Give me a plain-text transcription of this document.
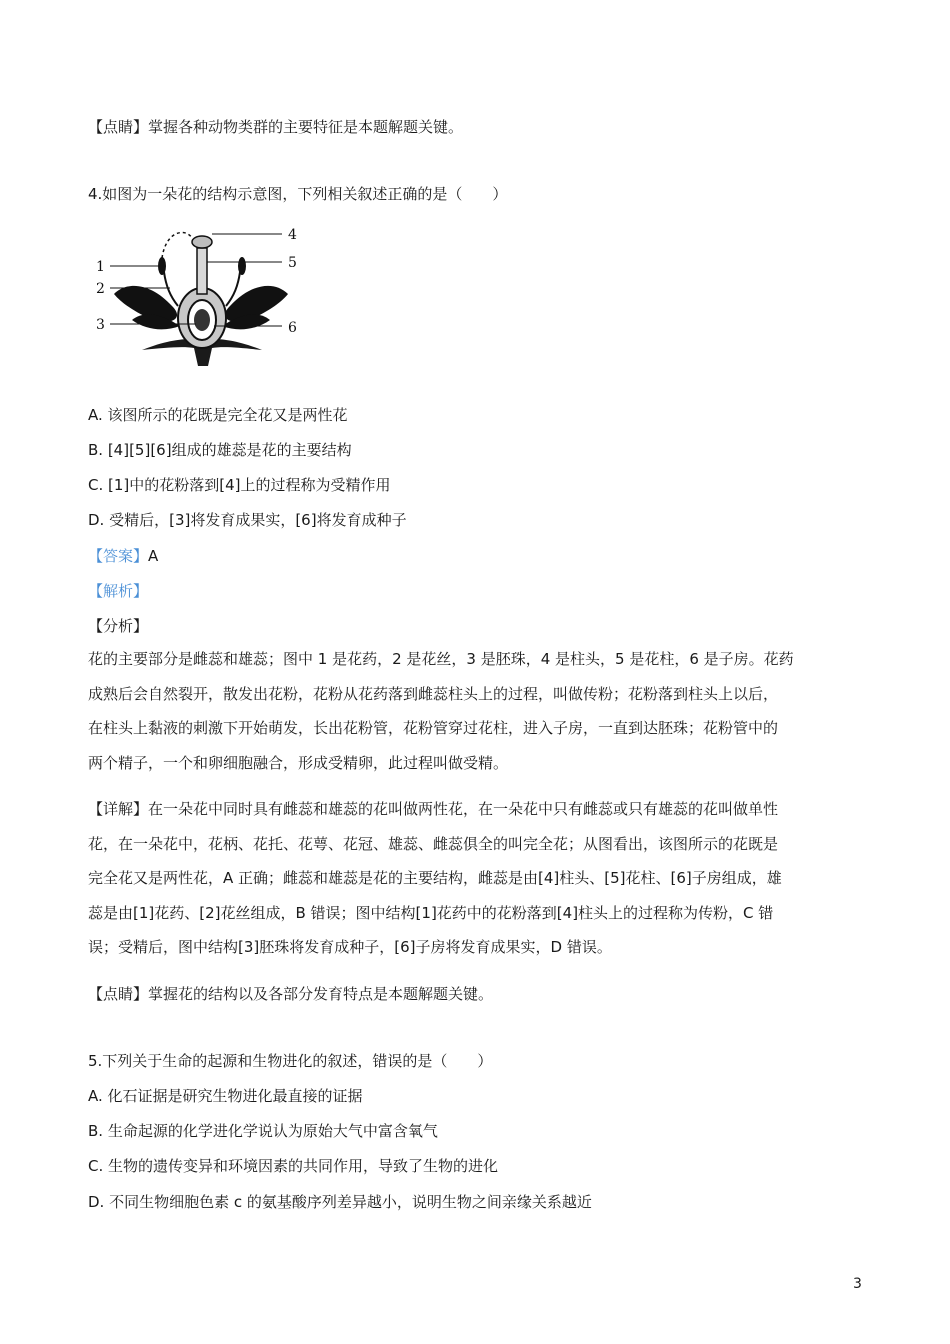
【点睛】掌握各种动物类群的主要特征是本题解题关键。
4.如图为一朵花的结构示意图，下列相关叙述正确的是（　　）
4
5
6
1
2
3
A. 该图所示的花既是完全花又是两性花
B. [4][5][6]组成的雄蕊是花的主要结构
C. [1]中的花粉落到[4]上的过程称为受精作用
D. 受精后，[3]将发育成果实，[6]将发育成种子
【答案】A
【解析】
【分析】

花的主要部分是雌蕊和雄蕊；图中 1 是花药，2 是花丝，3 是胚珠，4 是柱头，5 是花柱，6 是子房。花药

成熟后会自然裂开，散发出花粉，花粉从花药落到雌蕊柱头上的过程，叫做传粉；花粉落到柱头上以后，

在柱头上黏液的刺激下开始萌发，长出花粉管，花粉管穿过花柱，进入子房，一直到达胚珠；花粉管中的

两个精子，一个和卵细胞融合，形成受精卵，此过程叫做受精。

【详解】在一朵花中同时具有雌蕊和雄蕊的花叫做两性花，在一朵花中只有雌蕊或只有雄蕊的花叫做单性

花，在一朵花中，花柄、花托、花萼、花冠、雄蕊、雌蕊俱全的叫完全花；从图看出，该图所示的花既是

完全花又是两性花，A 正确；雌蕊和雄蕊是花的主要结构，雌蕊是由[4]柱头、[5]花柱、[6]子房组成，雄

蕊是由[1]花药、[2]花丝组成，B 错误；图中结构[1]花药中的花粉落到[4]柱头上的过程称为传粉，C 错

误；受精后，图中结构[3]胚珠将发育成种子，[6]子房将发育成果实，D 错误。

【点睛】掌握花的结构以及各部分发育特点是本题解题关键。
5.下列关于生命的起源和生物进化的叙述，错误的是（　　）
A. 化石证据是研究生物进化最直接的证据
B. 生命起源的化学进化学说认为原始大气中富含氧气
C. 生物的遗传变异和环境因素的共同作用，导致了生物的进化
D. 不同生物细胞色素 c 的氨基酸序列差异越小，说明生物之间亲缘关系越近
3
